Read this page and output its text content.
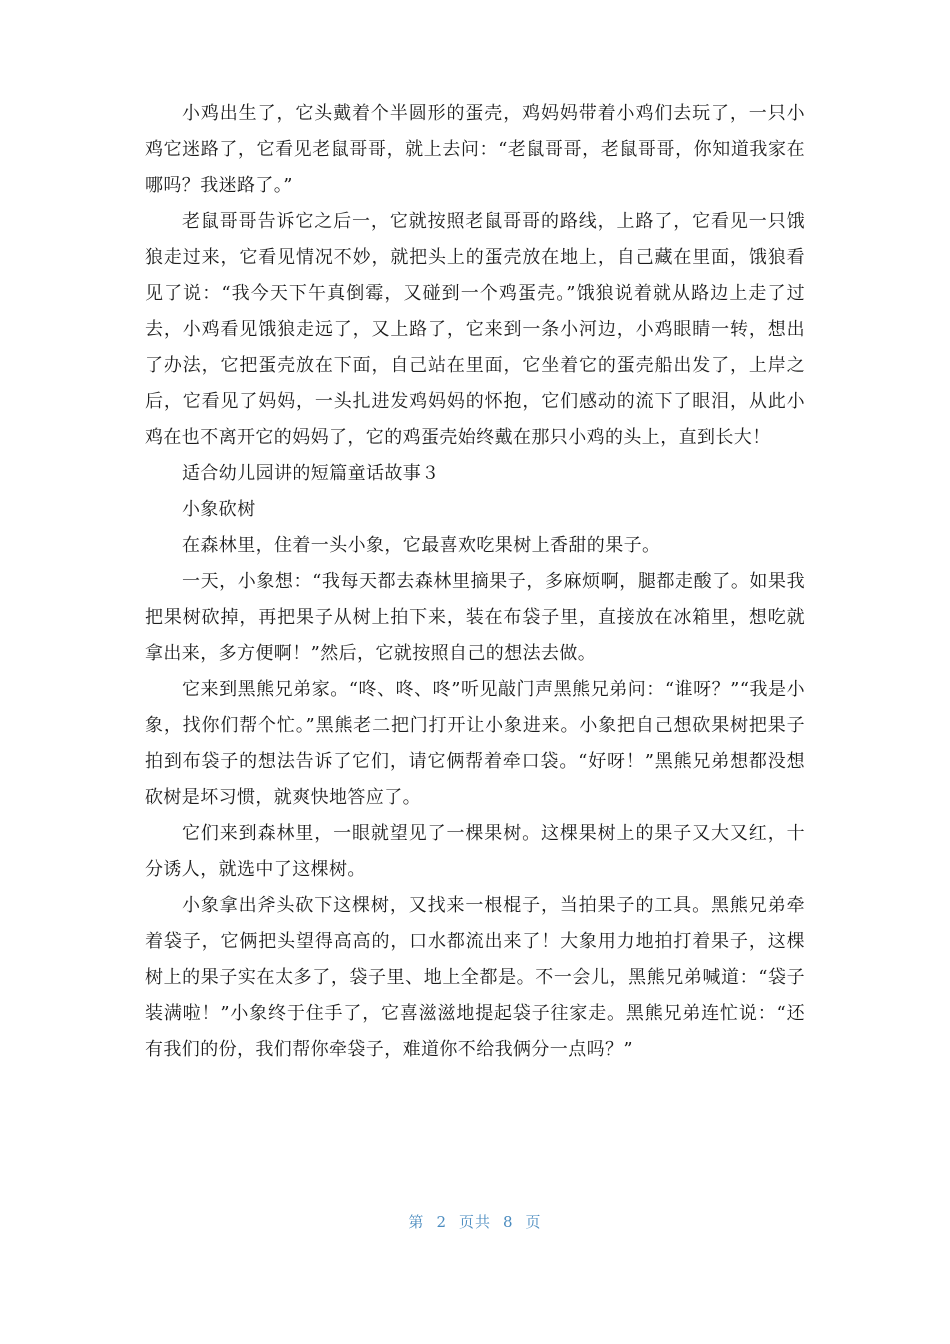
小鸡出生了，它头戴着个半圆形的蛋壳，鸡妈妈带着小鸡们去玩了，一只小鸡它迷路了，它看见老鼠哥哥，就上去问：“老鼠哥哥，老鼠哥哥，你知道我家在哪吗？我迷路了。”

老鼠哥哥告诉它之后一，它就按照老鼠哥哥的路线，上路了，它看见一只饿狼走过来，它看见情况不妙，就把头上的蛋壳放在地上，自己藏在里面，饿狼看见了说：“我今天下午真倒霉，又碰到一个鸡蛋壳。”饿狼说着就从路边上走了过去，小鸡看见饿狼走远了，又上路了，它来到一条小河边，小鸡眼睛一转，想出了办法，它把蛋壳放在下面，自己站在里面，它坐着它的蛋壳船出发了，上岸之后，它看见了妈妈，一头扎进发鸡妈妈的怀抱，它们感动的流下了眼泪，从此小鸡在也不离开它的妈妈了，它的鸡蛋壳始终戴在那只小鸡的头上，直到长大！

适合幼儿园讲的短篇童话故事３

小象砍树

在森林里，住着一头小象，它最喜欢吃果树上香甜的果子。

一天，小象想：“我每天都去森林里摘果子，多麻烦啊，腿都走酸了。如果我把果树砍掉，再把果子从树上拍下来，装在布袋子里，直接放在冰箱里，想吃就拿出来，多方便啊！”然后，它就按照自己的想法去做。

它来到黑熊兄弟家。“咚、咚、咚”听见敲门声黑熊兄弟问：“谁呀？”“我是小象，找你们帮个忙。”黑熊老二把门打开让小象进来。小象把自己想砍果树把果子拍到布袋子的想法告诉了它们，请它俩帮着牵口袋。“好呀！”黑熊兄弟想都没想砍树是坏习惯，就爽快地答应了。

它们来到森林里，一眼就望见了一棵果树。这棵果树上的果子又大又红，十分诱人，就选中了这棵树。

小象拿出斧头砍下这棵树，又找来一根棍子，当拍果子的工具。黑熊兄弟牵着袋子，它俩把头望得高高的，口水都流出来了！大象用力地拍打着果子，这棵树上的果子实在太多了，袋子里、地上全都是。不一会儿，黑熊兄弟喊道：“袋子装满啦！”小象终于住手了，它喜滋滋地提起袋子往家走。黑熊兄弟连忙说：“还有我们的份，我们帮你牵袋子，难道你不给我俩分一点吗？”

第 2 页共 8 页
